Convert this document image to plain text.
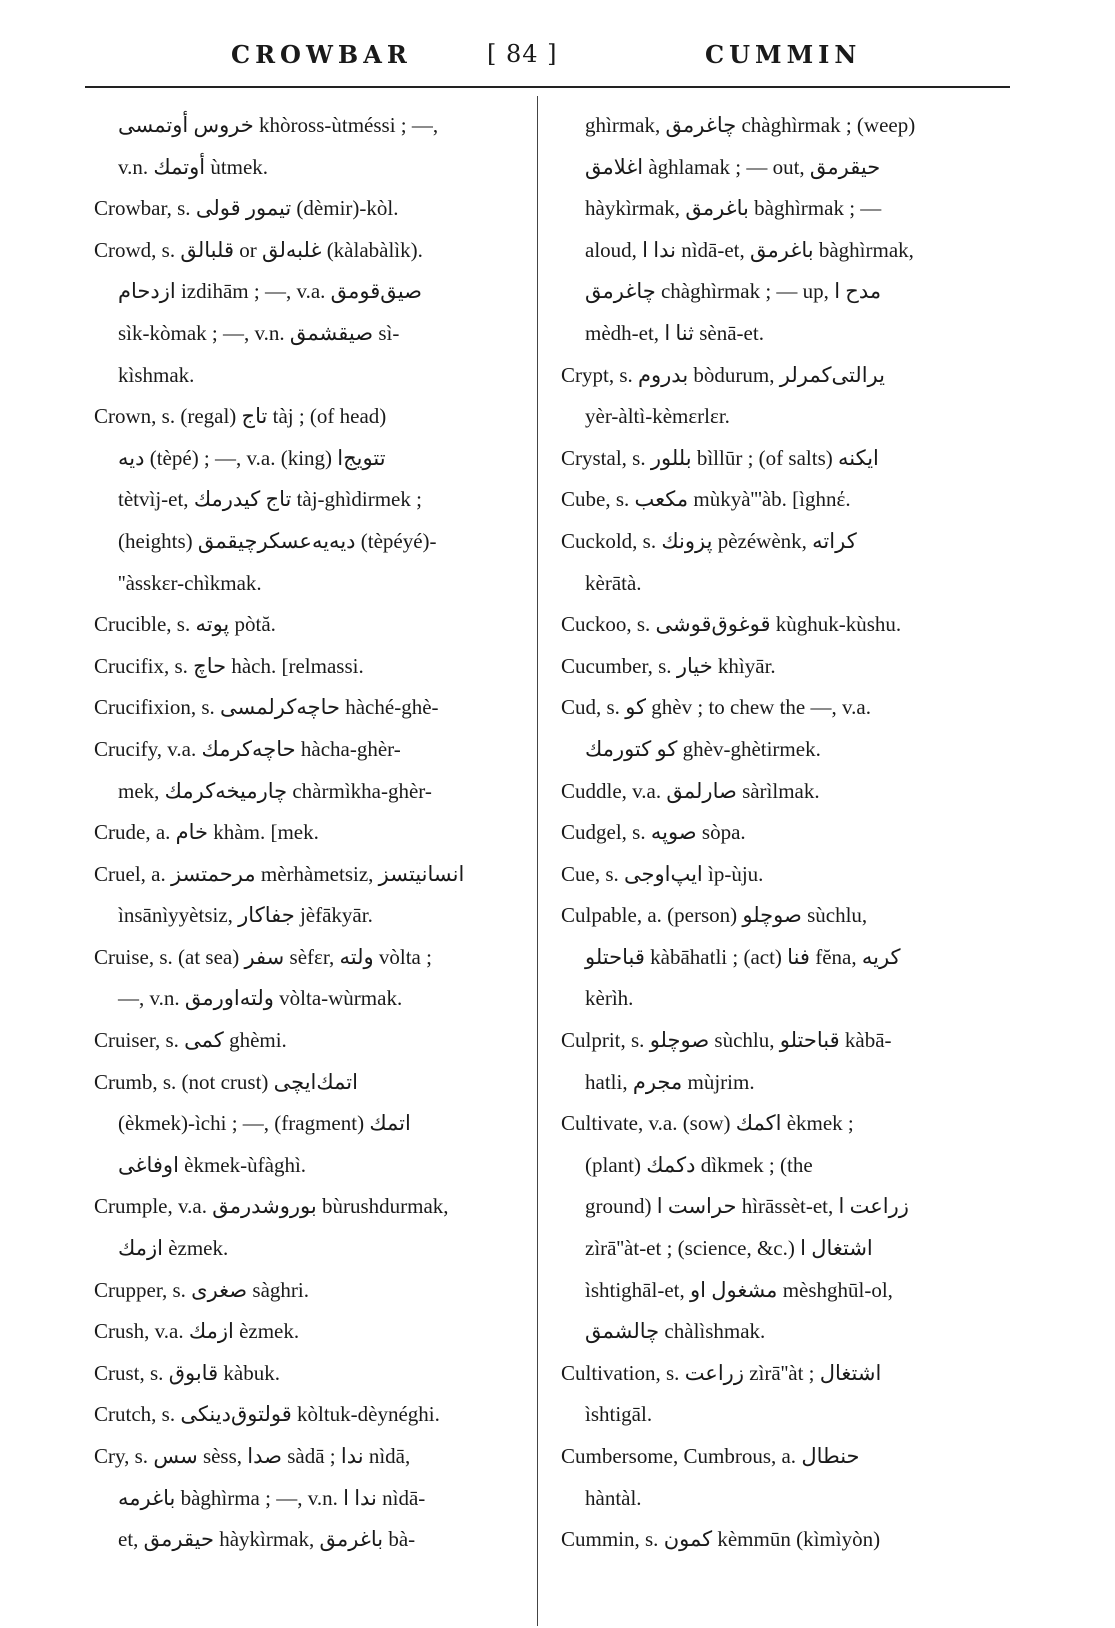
CROWBAR	[ 84 ]	CUMMIN
خروس أوتمسى khòross-ùtméssi ; —,
v.n. أوتمك ùtmek.
Crowbar, s. تيمور قولى (dèmir)-kòl.
Crowd, s. قلبالق or غلبه‌لق (kàlabàlìk).
ازدحام izdihām ; —, v.a. صيق‌قومق
sìk-kòmak ; —, v.n. صيقشمق sì-
kìshmak.
Crown, s. (regal) تاج tàj ; (of head)
ديه (tèpé) ; —, v.a. (king) تتويج‌ا
tètvìj-et, تاج كيدرمك tàj-ghìdirmek ;
(heights) ديه‌يه‌عسكرچيقمق (tèpéyé)-
''àsskεr-chìkmak.
Crucible, s. پوته pòtă.
Crucifix, s. حاچ hàch. [relmassi.
Crucifixion, s. حاچه‌كرلمسى hàché-ghè-
Crucify, v.a. حاچه‌كرمك hàcha-ghèr-
mek, چارميخه‌كرمك chàrmìkha-ghèr-
Crude, a. خام khàm. [mek.
Cruel, a. مرحمتسز mèrhàmetsiz, انسانيتسز
ìnsānìyyètsiz, جفاكار jèfākyār.
Cruise, s. (at sea) سفر sèfεr, ولته vòlta ;
—, v.n. ولته‌اورمق vòlta-wùrmak.
Cruiser, s. كمى ghèmi.
Crumb, s. (not crust) اتمك‌ايچى
(èkmek)-ìchi ; —, (fragment) اتمك
اوفاغى èkmek-ùfàghì.
Crumple, v.a. بوروشدرمق bùrushdurmak,
ازمك èzmek.
Crupper, s. صغرى sàghri.
Crush, v.a. ازمك èzmek.
Crust, s. قابوق kàbuk.
Crutch, s. قولتوق‌دينكى kòltuk-dèynéghi.
Cry, s. سس sèss, صدا sàdā ; ندا nìdā,
باغرمه bàghìrma ; —, v.n. ندا ا nìdā-
et, حيقرمق hàykìrmak, باغرمق bà-
ghìrmak, چاغرمق chàghìrmak ; (weep)
اغلامق àghlamak ; — out, حيقرمق
hàykìrmak, باغرمق bàghìrmak ; —
aloud, ندا ا nìdā-et, باغرمق bàghìrmak,
چاغرمق chàghìrmak ; — up, مدح ا
mèdh-et, ثنا ا sènā-et.
Crypt, s. بدروم bòdurum, يرالتى‌كمرلر
yèr-àltì-kèmεrlεr.
Crystal, s. بللور bìllūr ; (of salts) ايكنه
Cube, s. مكعب mùkyà'''àb. [ìghnέ.
Cuckold, s. پزونك pèzéwènk, كراته
kèrātà.
Cuckoo, s. قوغوق‌قوشى kùghuk-kùshu.
Cucumber, s. خيار khìyār.
Cud, s. كو ghèv ; to chew the —, v.a.
كو كتورمك ghèv-ghètirmek.
Cuddle, v.a. صارلمق sàrìlmak.
Cudgel, s. صوپه sòpa.
Cue, s. ايپ‌اوجى ìp-ùju.
Culpable, a. (person) صوچلو sùchlu,
قباحتلو kàbāhatli ; (act) فنا fĕna, كريه
kèrìh.
Culprit, s. صوچلو sùchlu, قباحتلو kàbā-
hatli, مجرم mùjrim.
Cultivate, v.a. (sow) اكمك èkmek ;
(plant) دكمك dìkmek ; (the
ground) حراست ا hìrāssèt-et, زراعت ا
zìrā''àt-et ; (science, &c.) اشتغال ا
ìshtighāl-et, مشغول او mèshghūl-ol,
چالشمق chàlìshmak.
Cultivation, s. زراعت zìrā''àt ; اشتغال
ìshtigāl.
Cumbersome, Cumbrous, a. حنطال
hàntàl.
Cummin, s. كمون kèmmūn (kìmìyòn)
